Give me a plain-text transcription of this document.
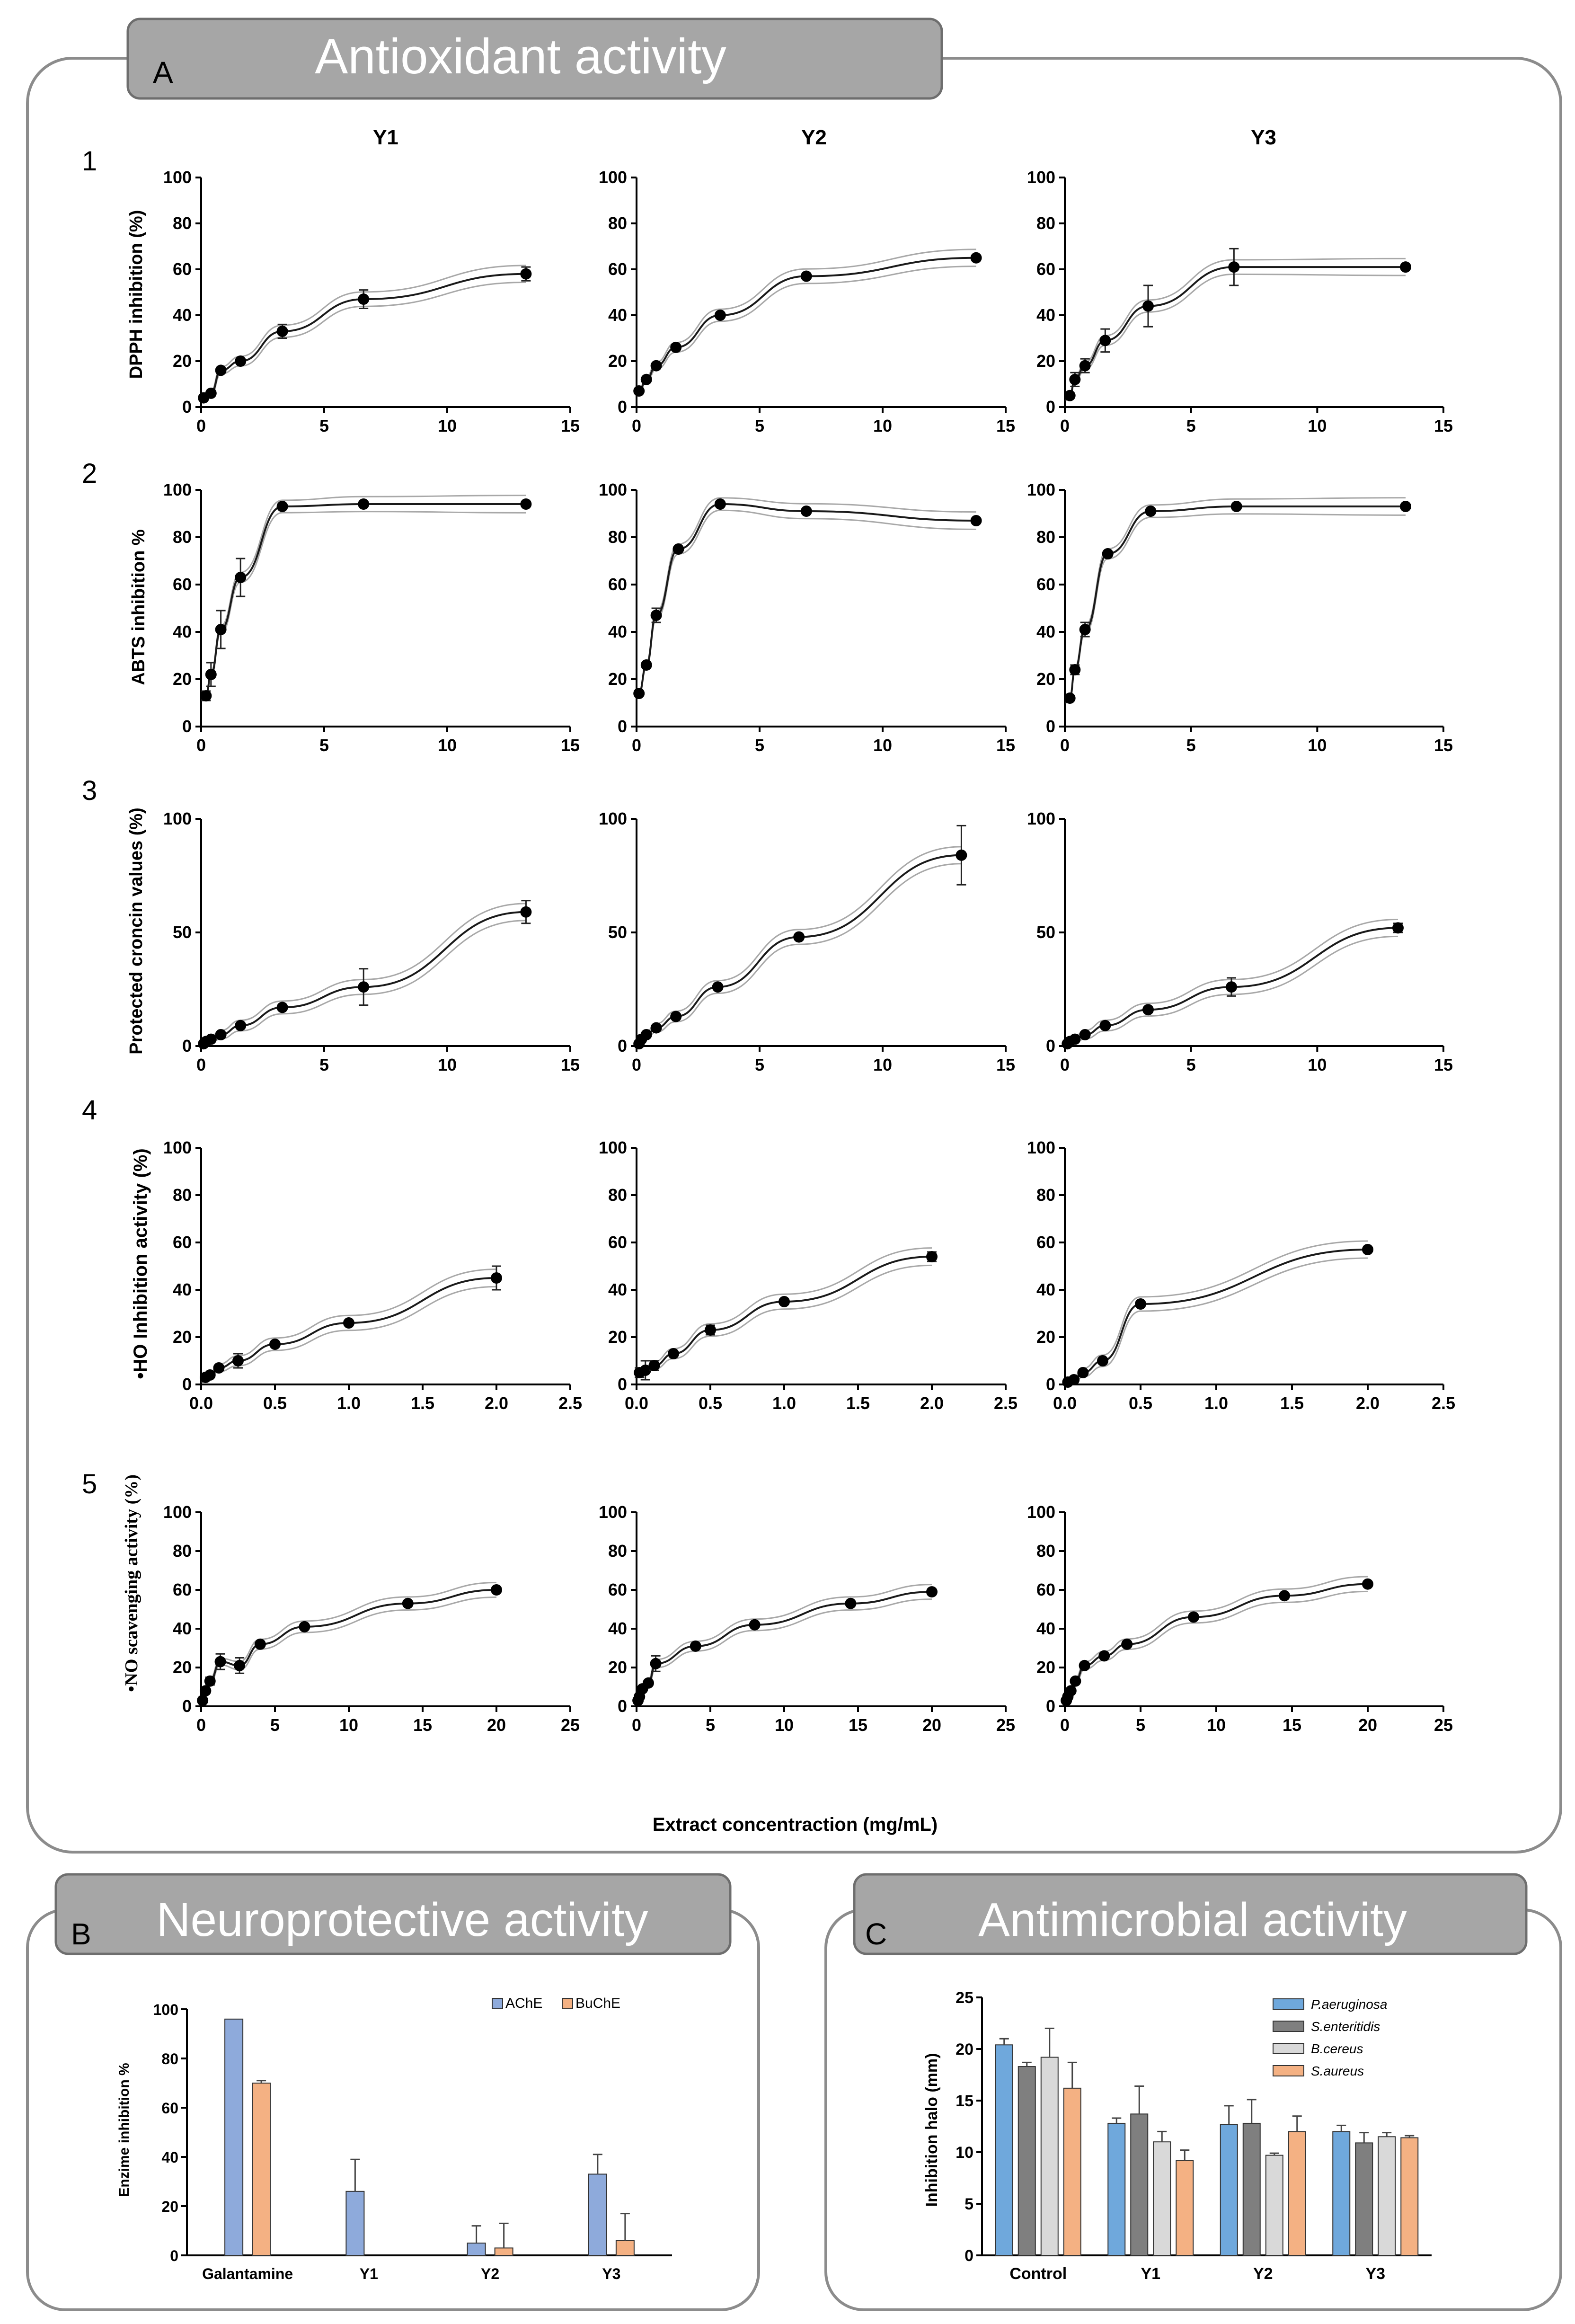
A	Antioxidant activity
B Neuroprotective activity	C Antimicrobial activity
1
2
3
4
5
Y1	Y2	Y3
DPPH inhibition (%)
ABTS inhibition %
Protected croncin values (%)
•HO Inhibition activity (%)
•NO scavenging activity (%)
Extract concentraction (mg/mL)
AChE BuChE	P.aeruginosa
S.enteritidis
B.cereus
S.aureus
Enzime inhibition %	Inhibition halo (mm)
0	5	10	15
0
20
40
60
80
100
0	5	10	15
0
20
40
60
80
100
0	5	10	15
0
20
40
60
80
100
0	5	10	15
0
20
40
60
80
100
0	5	10	15
0
20
40
60
80
100
0	5	10	15
0
20
40
60
80
100
0	5	10	15
0
50
100
0	5	10	15
0
50
100
0	5	10	15
0
50
100
0.0	0.5	1.0	1.5	2.0	2.5
0
20
40
60
80
100
0.0	0.5	1.0	1.5	2.0	2.5
0
20
40
60
80
100
0.0	0.5	1.0	1.5	2.0	2.5
0
20
40
60
80
100
0	5	10	15	20	25
0
20
40
60
80
100
0	5	10	15	20	25
0
20
40
60
80
100
0	5	10	15	20	25
0
20
40
60
80
100
0
20
40
60
80
100
Galantamine	Y1	Y2	Y3
0
5
10
15
20
25
Control	Y1	Y2	Y3
